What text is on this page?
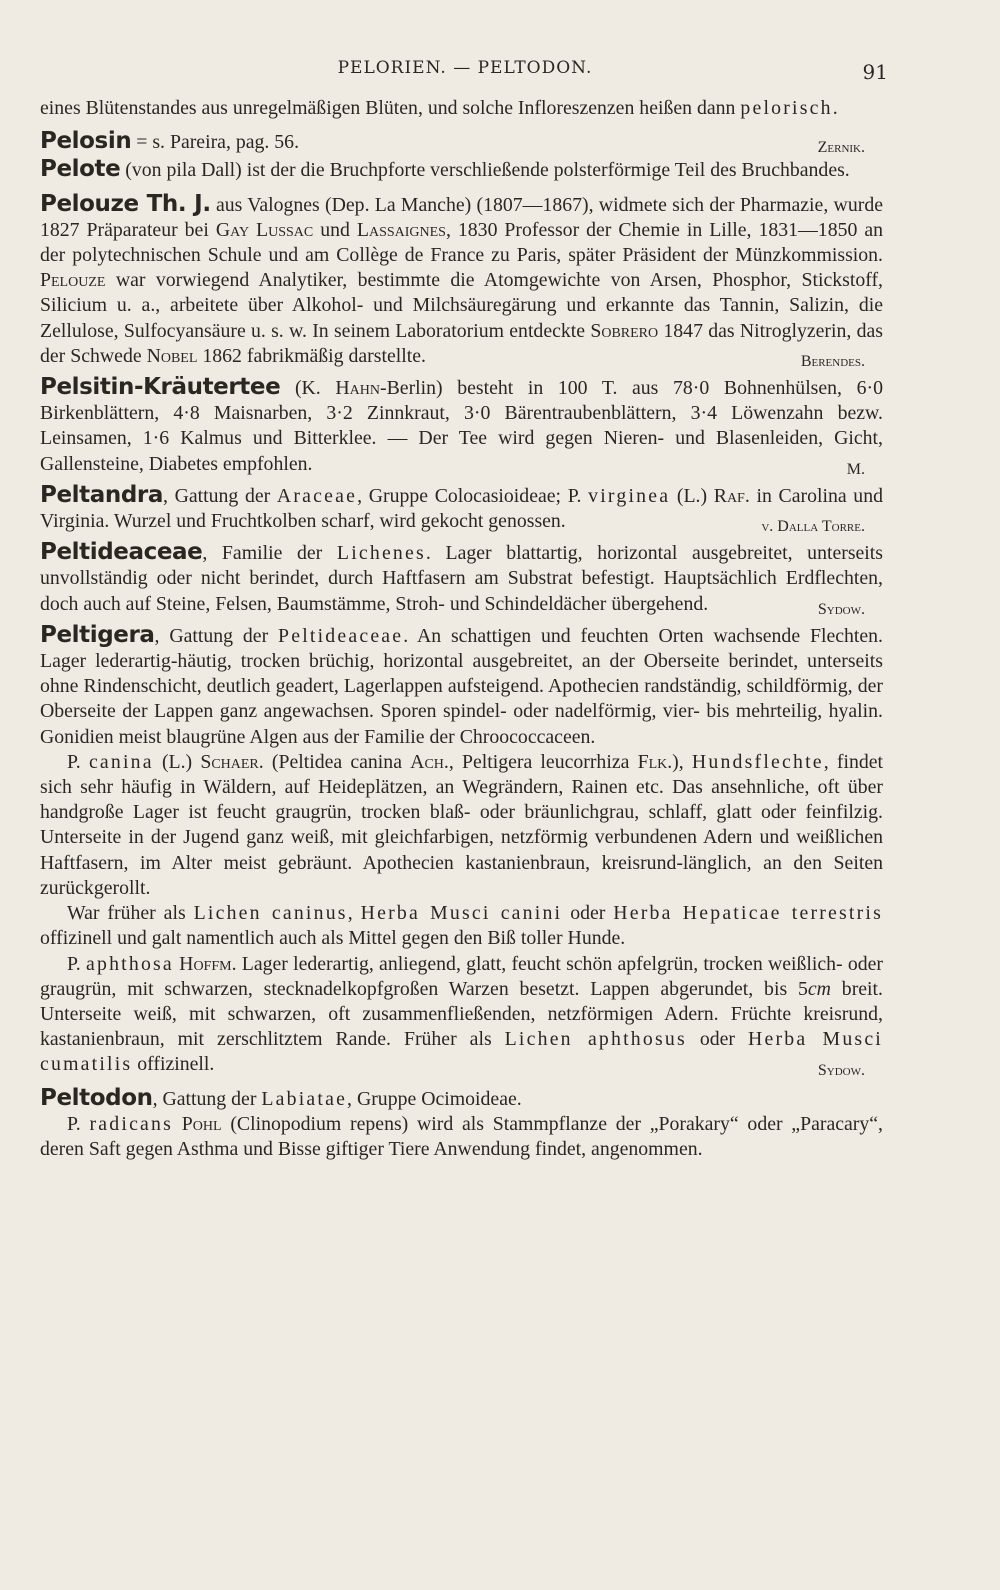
PELORIEN. — PELTODON.	91

eines Blütenstandes aus unregelmäßigen Blüten, und solche Infloreszenzen heißen dann pelorisch.

Pelosin = s. Pareira, pag. 56.	Zernik.

Pelote (von pila Dall) ist der die Bruchpforte verschließende polsterförmige Teil des Bruchbandes.

Pelouze Th. J. aus Valognes (Dep. La Manche) (1807—1867), widmete sich der Pharmazie, wurde 1827 Präparateur bei Gay Lussac und Lassaignes, 1830 Professor der Chemie in Lille, 1831—1850 an der polytechnischen Schule und am Collège de France zu Paris, später Präsident der Münzkommission. Pelouze war vorwiegend Analytiker, bestimmte die Atomgewichte von Arsen, Phosphor, Stickstoff, Silicium u. a., arbeitete über Alkohol- und Milchsäuregärung und erkannte das Tannin, Salizin, die Zellulose, Sulfocyansäure u. s. w. In seinem Laboratorium entdeckte Sobrero 1847 das Nitroglyzerin, das der Schwede Nobel 1862 fabrikmäßig darstellte.	Berendes.

Pelsitin-Kräutertee (K. Hahn-Berlin) besteht in 100 T. aus 78·0 Bohnenhülsen, 6·0 Birkenblättern, 4·8 Maisnarben, 3·2 Zinnkraut, 3·0 Bärentraubenblättern, 3·4 Löwenzahn bezw. Leinsamen, 1·6 Kalmus und Bitterklee. — Der Tee wird gegen Nieren- und Blasenleiden, Gicht, Gallensteine, Diabetes empfohlen.	M.

Peltandra, Gattung der Araceae, Gruppe Colocasioideae; P. virginea (L.) Raf. in Carolina und Virginia. Wurzel und Fruchtkolben scharf, wird gekocht genossen.	v. Dalla Torre.

Peltideaceae, Familie der Lichenes. Lager blattartig, horizontal ausgebreitet, unterseits unvollständig oder nicht berindet, durch Haftfasern am Substrat befestigt. Hauptsächlich Erdflechten, doch auch auf Steine, Felsen, Baumstämme, Stroh- und Schindeldächer übergehend.	Sydow.

Peltigera, Gattung der Peltideaceae. An schattigen und feuchten Orten wachsende Flechten. Lager lederartig-häutig, trocken brüchig, horizontal ausgebreitet, an der Oberseite berindet, unterseits ohne Rindenschicht, deutlich geadert, Lagerlappen aufsteigend. Apothecien randständig, schildförmig, der Oberseite der Lappen ganz angewachsen. Sporen spindel- oder nadelförmig, vier- bis mehrteilig, hyalin. Gonidien meist blaugrüne Algen aus der Familie der Chroococcaceen.

P. canina (L.) Schaer. (Peltidea canina Ach., Peltigera leucorrhiza Flk.), Hundsflechte, findet sich sehr häufig in Wäldern, auf Heideplätzen, an Wegrändern, Rainen etc. Das ansehnliche, oft über handgroße Lager ist feucht graugrün, trocken blaß- oder bräunlichgrau, schlaff, glatt oder feinfilzig. Unterseite in der Jugend ganz weiß, mit gleichfarbigen, netzförmig verbundenen Adern und weißlichen Haftfasern, im Alter meist gebräunt. Apothecien kastanienbraun, kreisrund-länglich, an den Seiten zurückgerollt.

War früher als Lichen caninus, Herba Musci canini oder Herba Hepaticae terrestris offizinell und galt namentlich auch als Mittel gegen den Biß toller Hunde.

P. aphthosa Hoffm. Lager lederartig, anliegend, glatt, feucht schön apfelgrün, trocken weißlich- oder graugrün, mit schwarzen, stecknadelkopfgroßen Warzen besetzt. Lappen abgerundet, bis 5cm breit. Unterseite weiß, mit schwarzen, oft zusammenfließenden, netzförmigen Adern. Früchte kreisrund, kastanienbraun, mit zerschlitztem Rande. Früher als Lichen aphthosus oder Herba Musci cumatilis offizinell.	Sydow.

Peltodon, Gattung der Labiatae, Gruppe Ocimoideae.

P. radicans Pohl (Clinopodium repens) wird als Stammpflanze der „Porakary“ oder „Paracary“, deren Saft gegen Asthma und Bisse giftiger Tiere Anwendung findet, angenommen.
